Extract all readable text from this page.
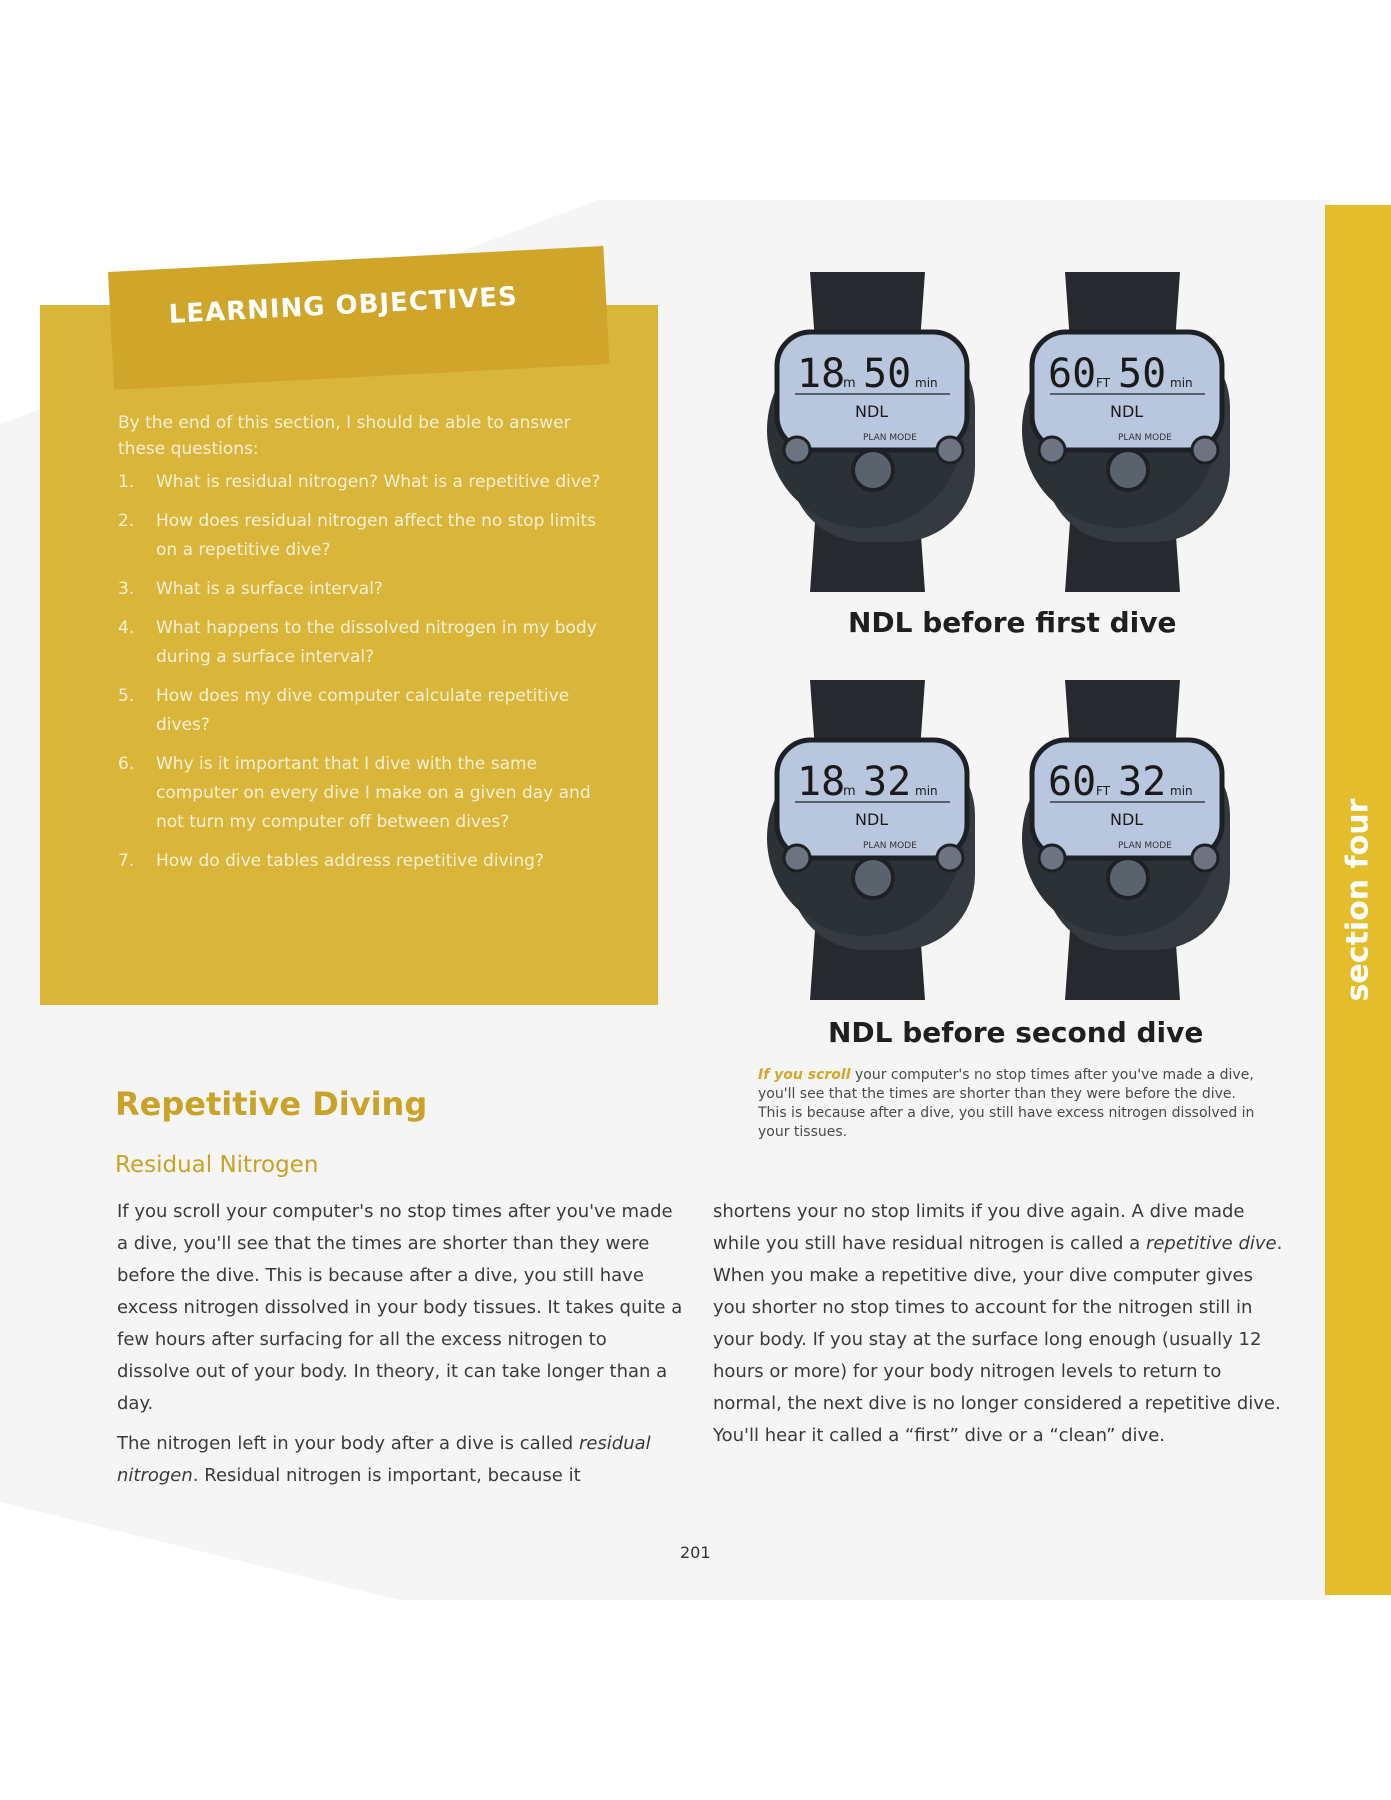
section four
LEARNING OBJECTIVES
By the end of this section, I should be able to answer these questions:
1. What is residual nitrogen? What is a repetitive dive?
2. How does residual nitrogen affect the no stop limits on a repetitive dive?
3. What is a surface interval?
4. What happens to the dissolved nitrogen in my body during a surface interval?
5. How does my dive computer calculate repetitive dives?
6. Why is it important that I dive with the same computer on every dive I make on a given day and not turn my computer off between dives?
7. How do dive tables address repetitive diving?
18
m 50 min
NDL
PLAN MODE
60 FT 50 min
NDL
PLAN MODE
NDL before first dive
18
m 32 min
NDL
PLAN MODE
60 FT 32 min
NDL
PLAN MODE
NDL before second dive
If you scroll your computer's no stop times after you've made a dive, you'll see that the times are shorter than they were before the dive. This is because after a dive, you still have excess nitrogen dissolved in your tissues.
Repetitive Diving
Residual Nitrogen

If you scroll your computer's no stop times after you've made a dive, you'll see that the times are shorter than they were before the dive. This is because after a dive, you still have excess nitrogen dissolved in your body tissues. It takes quite a few hours after surfacing for all the excess nitrogen to dissolve out of your body. In theory, it can take longer than a day.

The nitrogen left in your body after a dive is called residual nitrogen. Residual nitrogen is important, because it

shortens your no stop limits if you dive again. A dive made while you still have residual nitrogen is called a repetitive dive. When you make a repetitive dive, your dive computer gives you shorter no stop times to account for the nitrogen still in your body. If you stay at the surface long enough (usually 12 hours or more) for your body nitrogen levels to return to normal, the next dive is no longer considered a repetitive dive. You'll hear it called a “first” dive or a “clean” dive.

201
